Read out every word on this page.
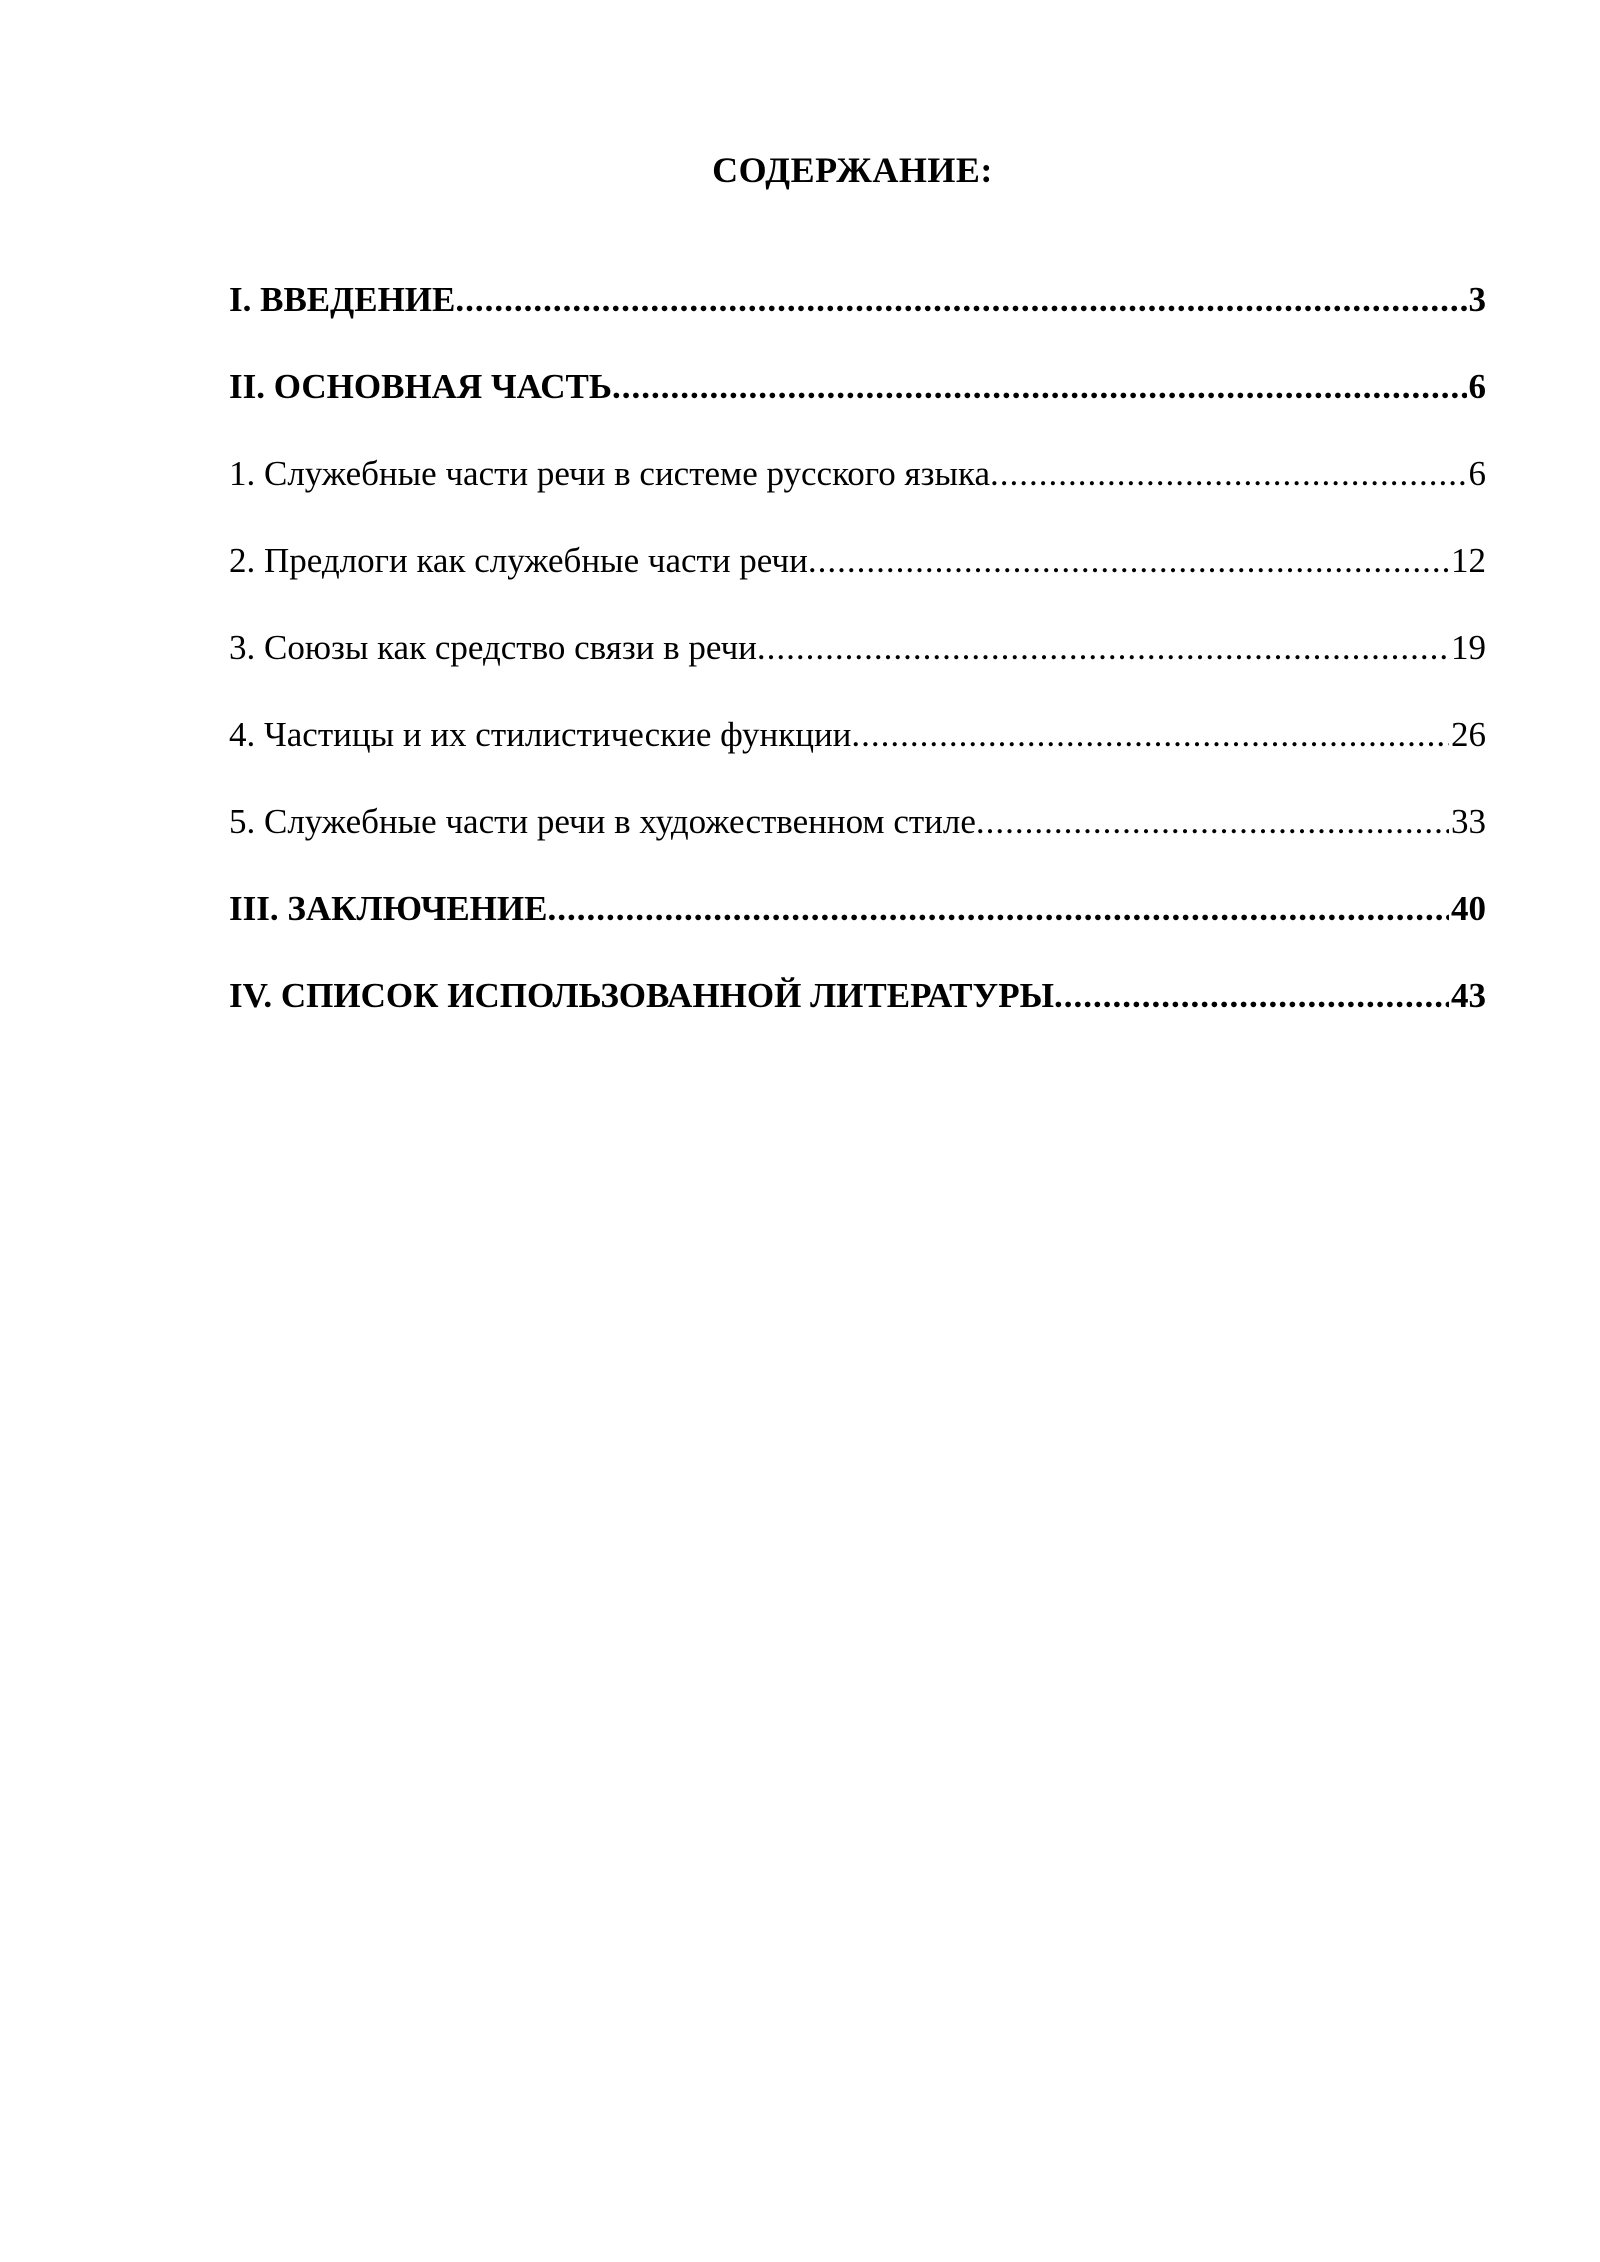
СОДЕРЖАНИЕ:
I. ВВЕДЕНИЕ .....	3
II. ОСНОВНАЯ ЧАСТЬ .....	6
1. Служебные части речи в системе русского языка .....	6
2. Предлоги как служебные части речи .....	12
3. Союзы как средство связи в речи .....	19
4. Частицы и их стилистические функции .....	26
5. Служебные части речи в художественном стиле .....	33
III. ЗАКЛЮЧЕНИЕ .....	40
IV. СПИСОК ИСПОЛЬЗОВАННОЙ ЛИТЕРАТУРЫ .....	43
